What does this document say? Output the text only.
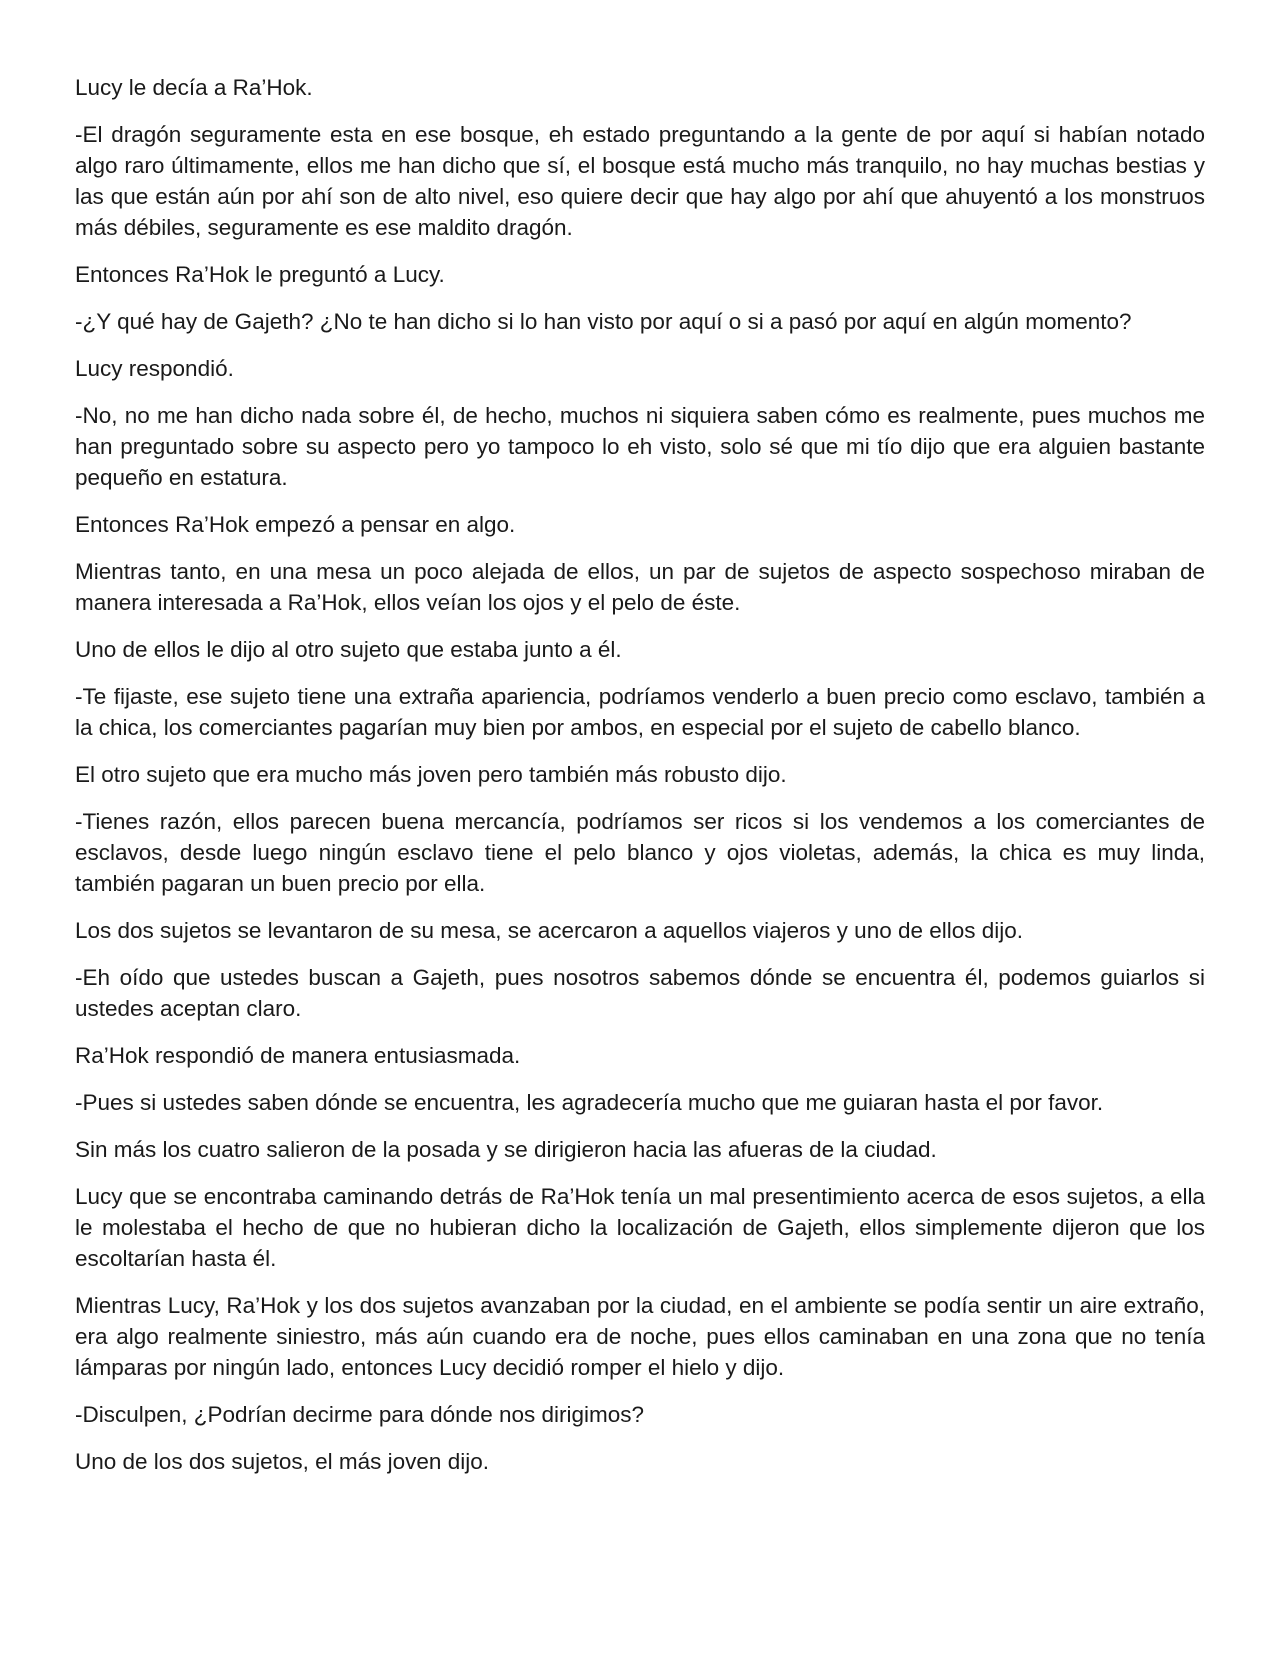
Lucy le decía a Ra’Hok.

-El dragón seguramente esta en ese bosque, eh estado preguntando a la gente de por aquí si habían notado algo raro últimamente, ellos me han dicho que sí, el bosque está mucho más tranquilo, no hay muchas bestias y las que están aún por ahí son de alto nivel, eso quiere decir que hay algo por ahí que ahuyentó a los monstruos más débiles, seguramente es ese maldito dragón.

Entonces Ra’Hok le preguntó a Lucy.

-¿Y qué hay de Gajeth? ¿No te han dicho si lo han visto por aquí o si a pasó por aquí en algún momento?

Lucy respondió.

-No, no me han dicho nada sobre él, de hecho, muchos ni siquiera saben cómo es realmente, pues muchos me han preguntado sobre su aspecto pero yo tampoco lo eh visto, solo sé que mi tío dijo que era alguien bastante pequeño en estatura.

Entonces Ra’Hok empezó a pensar en algo.

Mientras tanto, en una mesa un poco alejada de ellos, un par de sujetos de aspecto sospechoso miraban de manera interesada a Ra’Hok, ellos veían los ojos y el pelo de éste.

Uno de ellos le dijo al otro sujeto que estaba junto a él.

-Te fijaste, ese sujeto tiene una extraña apariencia, podríamos venderlo a buen precio como esclavo, también a la chica, los comerciantes pagarían muy bien por ambos, en especial por el sujeto de cabello blanco.

El otro sujeto que era mucho más joven pero también más robusto dijo.

-Tienes razón, ellos parecen buena mercancía, podríamos ser ricos si los vendemos a los comerciantes de esclavos, desde luego ningún esclavo tiene el pelo blanco y ojos violetas, además, la chica es muy linda, también pagaran un buen precio por ella.

Los dos sujetos se levantaron de su mesa, se acercaron a aquellos viajeros y uno de ellos dijo.

-Eh oído que ustedes buscan a Gajeth, pues nosotros sabemos dónde se encuentra él, podemos guiarlos si ustedes aceptan claro.

Ra’Hok respondió de manera entusiasmada.

-Pues si ustedes saben dónde se encuentra, les agradecería mucho que me guiaran hasta el por favor.

Sin más los cuatro salieron de la posada y se dirigieron hacia las afueras de la ciudad.

Lucy que se encontraba caminando detrás de Ra’Hok tenía un mal presentimiento acerca de esos sujetos, a ella le molestaba el hecho de que no hubieran dicho la localización de Gajeth, ellos simplemente dijeron que los escoltarían hasta él.

Mientras Lucy, Ra’Hok y los dos sujetos avanzaban por la ciudad, en el ambiente se podía sentir un aire extraño, era algo realmente siniestro, más aún cuando era de noche, pues ellos caminaban en una zona que no tenía lámparas por ningún lado, entonces Lucy decidió romper el hielo y dijo.

-Disculpen, ¿Podrían decirme para dónde nos dirigimos?

Uno de los dos sujetos, el más joven dijo.
